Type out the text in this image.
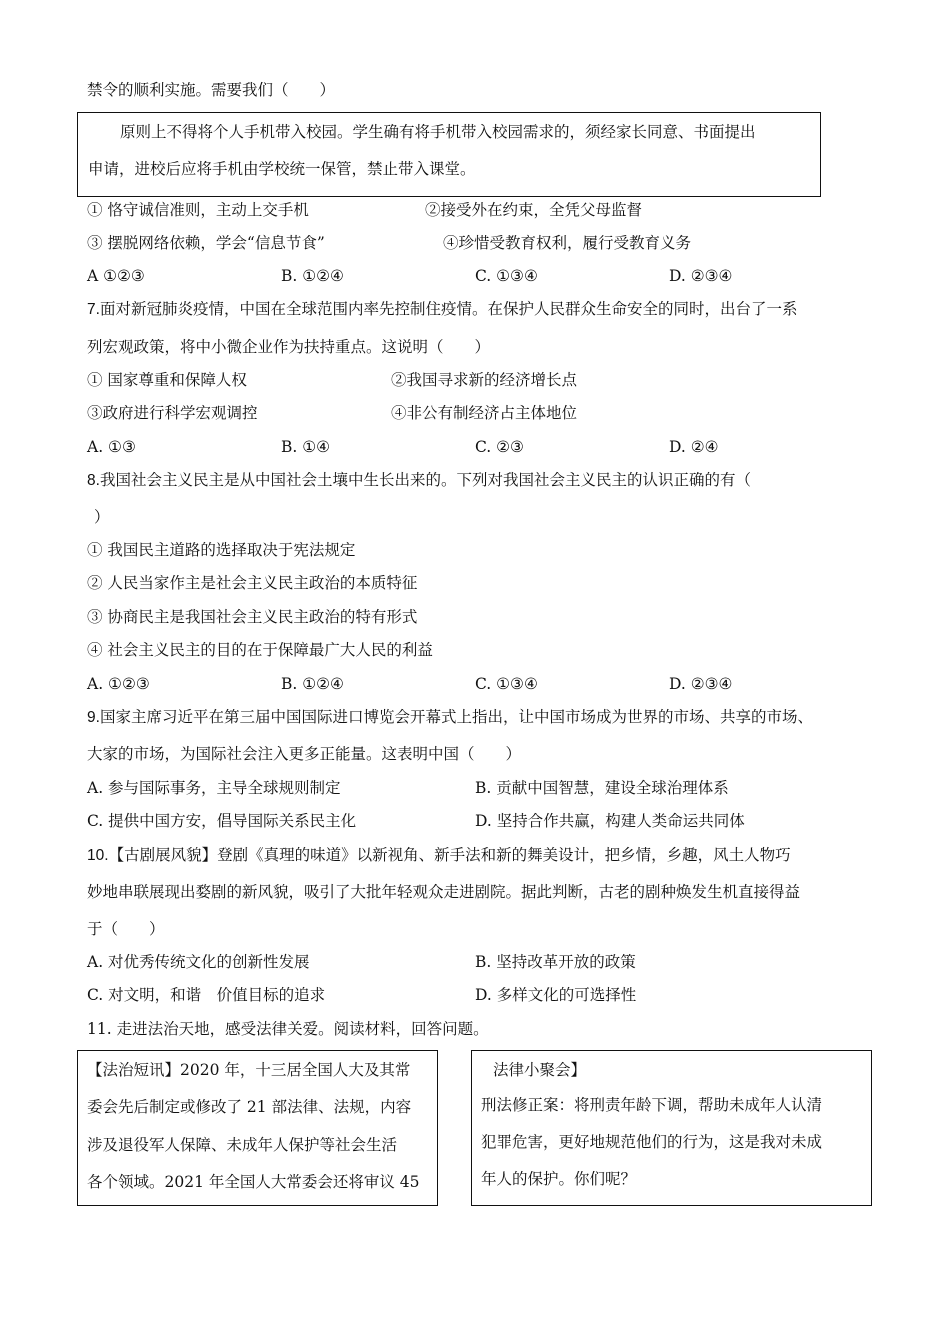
禁令的顺利实施。需要我们（　　）
原则上不得将个人手机带入校园。学生确有将手机带入校园需求的，须经家长同意、书面提出
申请，进校后应将手机由学校统一保管，禁止带入课堂。
① 恪守诚信准则，主动上交手机	②接受外在约束，全凭父母监督
③ 摆脱网络依赖，学会“信息节食”	④珍惜受教育权利，履行受教育义务
A ①②③	B. ①②④	C. ①③④	D. ②③④
7.面对新冠肺炎疫情，中国在全球范围内率先控制住疫情。在保护人民群众生命安全的同时，出台了一系
列宏观政策，将中小微企业作为扶持重点。这说明（　　）
① 国家尊重和保障人权	②我国寻求新的经济增长点
③政府进行科学宏观调控	④非公有制经济占主体地位
A. ①③	B. ①④	C. ②③	D. ②④
8.我国社会主义民主是从中国社会土壤中生长出来的。下列对我国社会主义民主的认识正确的有（
）
① 我国民主道路的选择取决于宪法规定
② 人民当家作主是社会主义民主政治的本质特征
③ 协商民主是我国社会主义民主政治的特有形式
④ 社会主义民主的目的在于保障最广大人民的利益
A. ①②③	B. ①②④	C. ①③④	D. ②③④
9.国家主席习近平在第三届中国国际进口博览会开幕式上指出，让中国市场成为世界的市场、共享的市场、
大家的市场，为国际社会注入更多正能量。这表明中国（　　）
A. 参与国际事务，主导全球规则制定	B. 贡献中国智慧，建设全球治理体系
C. 提供中国方安，倡导国际关系民主化	D. 坚持合作共赢，构建人类命运共同体
10.【古剧展风貌】登剧《真理的味道》以新视角、新手法和新的舞美设计，把乡情，乡趣，风土人物巧
妙地串联展现出婺剧的新风貌，吸引了大批年轻观众走进剧院。据此判断，古老的剧种焕发生机直接得益
于（　　）
A. 对优秀传统文化的创新性发展	B. 坚持改革开放的政策
C. 对文明，和谐　价值目标的追求	D. 多样文化的可选择性
11. 走进法治天地，感受法律关爱。阅读材料，回答问题。
【法治短讯】2020 年，十三居全国人大及其常
委会先后制定或修改了 21 部法律、法规，内容
涉及退役军人保障、未成年人保护等社会生活
各个领域。2021 年全国人大常委会还将审议 45
法律小聚会】
刑法修正案：将刑责年龄下调，帮助未成年人认清
犯罪危害，更好地规范他们的行为，这是我对未成
年人的保护。你们呢？
